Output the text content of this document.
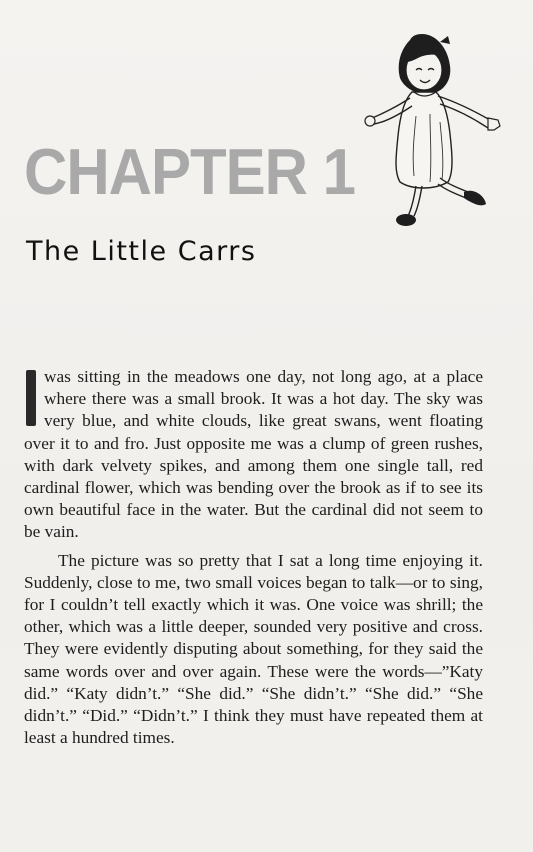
CHAPTER 1
The Little Carrs

was sitting in the meadows one day, not long ago, at a place where there was a small brook. It was a hot day. The sky was very blue, and white clouds, like great swans, went floating over it to and fro. Just opposite me was a clump of green rushes, with dark velvety spikes, and among them one single tall, red cardinal flower, which was bending over the brook as if to see its own beautiful face in the water. But the cardinal did not seem to be vain.

The picture was so pretty that I sat a long time enjoying it. Suddenly, close to me, two small voices began to talk—or to sing, for I couldn’t tell exactly which it was. One voice was shrill; the other, which was a little deeper, sounded very positive and cross. They were evidently disputing about something, for they said the same words over and over again. These were the words—”Katy did.” “Katy didn’t.” “She did.” “She didn’t.” “She did.” “She didn’t.” “Did.” “Didn’t.” I think they must have repeated them at least a hundred times.
